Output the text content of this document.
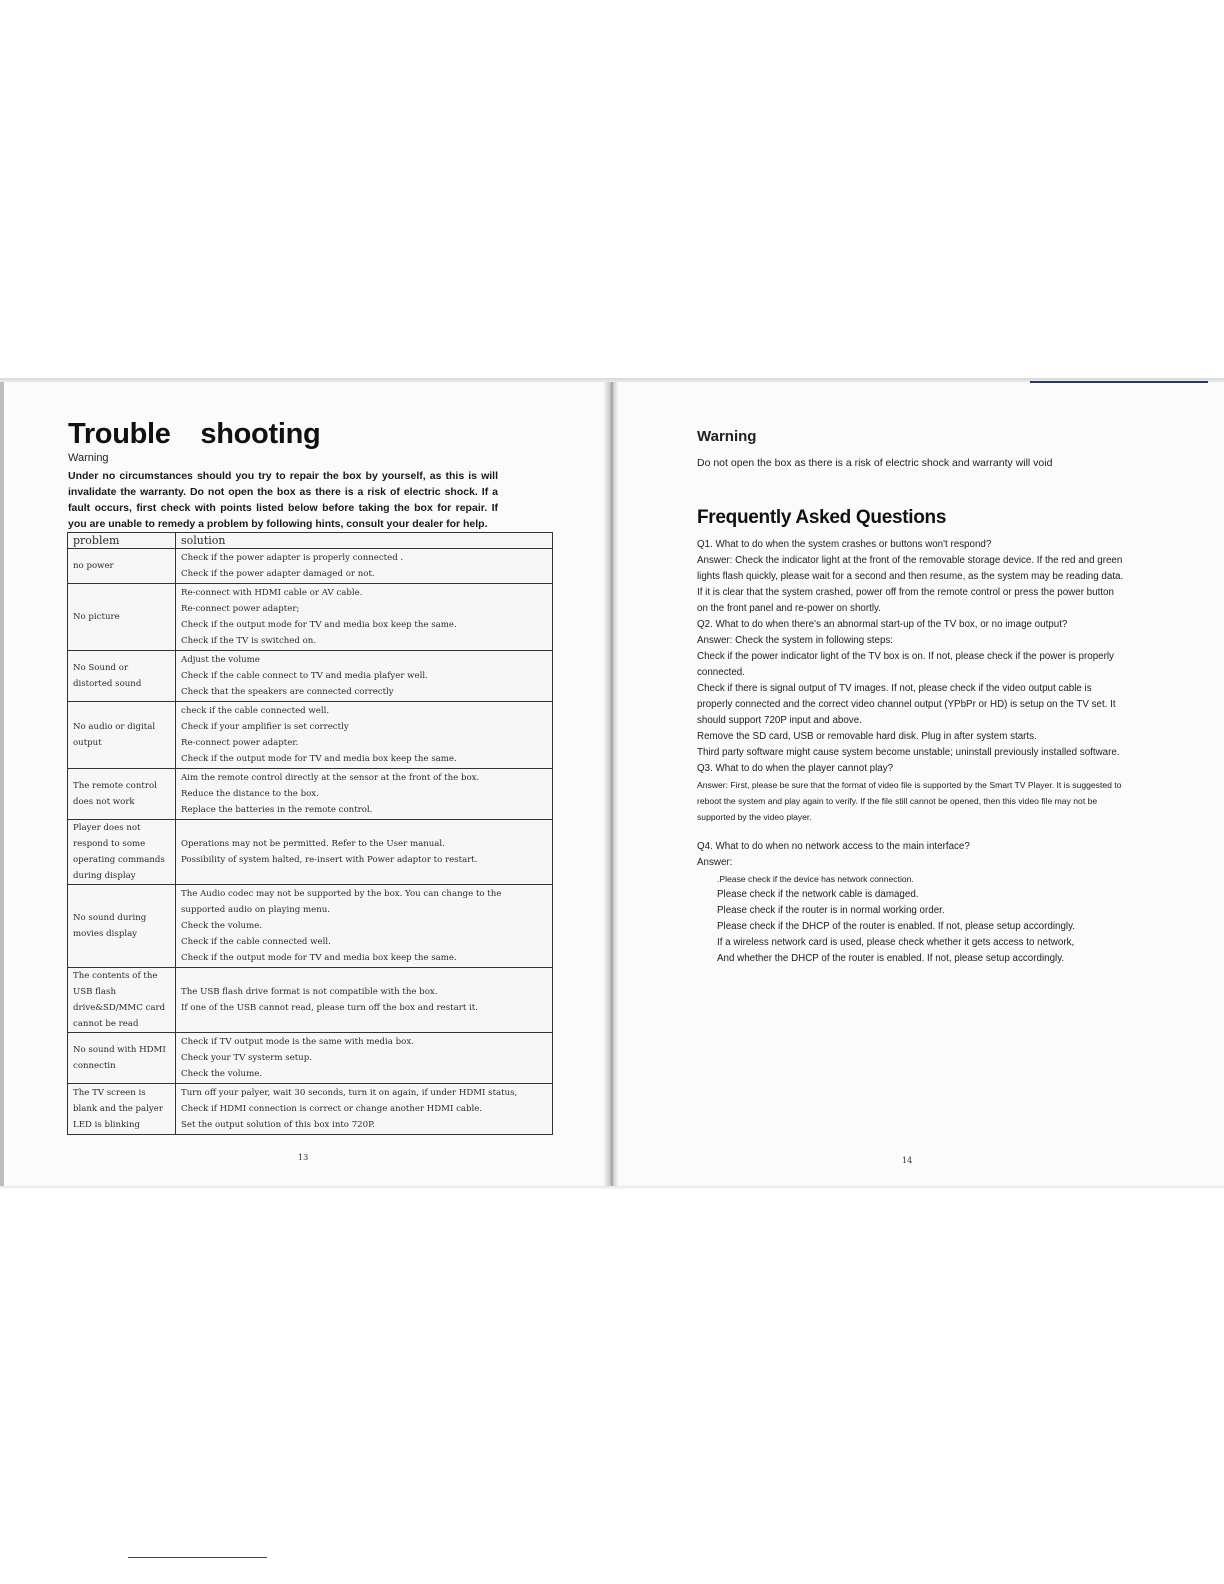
Trouble shooting
Warning
Under no circumstances should you try to repair the box by yourself, as this is will invalidate the warranty. Do not open the box as there is a risk of electric shock. If a fault occurs, first check with points listed below before taking the box for repair. If you are unable to remedy a problem by following hints, consult your dealer for help.
problem	solution
no power	Check if the power adapter is properly connected .
Check if the power adapter damaged or not.

No picture	Re-connect with HDMI cable or AV cable.
Re-connect power adapter;
Check if the output mode for TV and media box keep the same.
Check if the TV is switched on.

No Sound or distorted sound	Adjust the volume
Check if the cable connect to TV and media plafyer well.
Check that the speakers are connected correctly

No audio or digital output	check if the cable connected well.
Check if your amplifier is set correctly
Re-connect power adapter.
Check if the output mode for TV and media box keep the same.

The remote control does not work	Aim the remote control directly at the sensor at the front of the box.
Reduce the distance to the box.
Replace the batteries in the remote control.

Player does not respond to some operating commands during display	Operations may not be permitted. Refer to the User manual.
Possibility of system halted, re-insert with Power adaptor to restart.

No sound during movies display	The Audio codec may not be supported by the box. You can change to the supported audio on playing menu.
Check the volume.
Check if the cable connected well.
Check if the output mode for TV and media box keep the same.

The contents of the USB flash drive&SD/MMC card cannot be read	The USB flash drive format is not compatible with the box.
If one of the USB cannot read, please turn off the box and restart it.

No sound with HDMI connectin	Check if TV output mode is the same with media box.
Check your TV systerm setup.
Check the volume.

The TV screen is blank and the palyer LED is blinking	Turn off your palyer, wait 30 seconds, turn it on again, if under HDMI status,
Check if HDMI connection is correct or change another HDMI cable.
Set the output solution of this box into 720P.
13
Warning
Do not open the box as there is a risk of electric shock and warranty will void
Frequently Asked Questions

Q1. What to do when the system crashes or buttons won't respond?

Answer: Check the indicator light at the front of the removable storage device. If the red and green lights flash quickly, please wait for a second and then resume, as the system may be reading data. If it is clear that the system crashed, power off from the remote control or press the power button on the front panel and re-power on shortly.

Q2. What to do when there's an abnormal start-up of the TV box, or no image output?

Answer: Check the system in following steps:

Check if the power indicator light of the TV box is on. If not, please check if the power is properly connected.

Check if there is signal output of TV images. If not, please check if the video output cable is properly connected and the correct video channel output (YPbPr or HD) is setup on the TV set. It should support 720P input and above.

Remove the SD card, USB or removable hard disk. Plug in after system starts.

Third party software might cause system become unstable; uninstall previously installed software.

Q3. What to do when the player cannot play?

Answer: First, please be sure that the format of video file is supported by the Smart TV Player. It is suggested to reboot the system and play again to verify. If the file still cannot be opened, then this video file may not be supported by the video player.

Q4. What to do when no network access to the main interface?

Answer:

.Please check if the device has network connection.

Please check if the network cable is damaged.

Please check if the router is in normal working order.

Please check if the DHCP of the router is enabled. If not, please setup accordingly.

If a wireless network card is used, please check whether it gets access to network,

And whether the DHCP of the router is enabled. If not, please setup accordingly.

14
